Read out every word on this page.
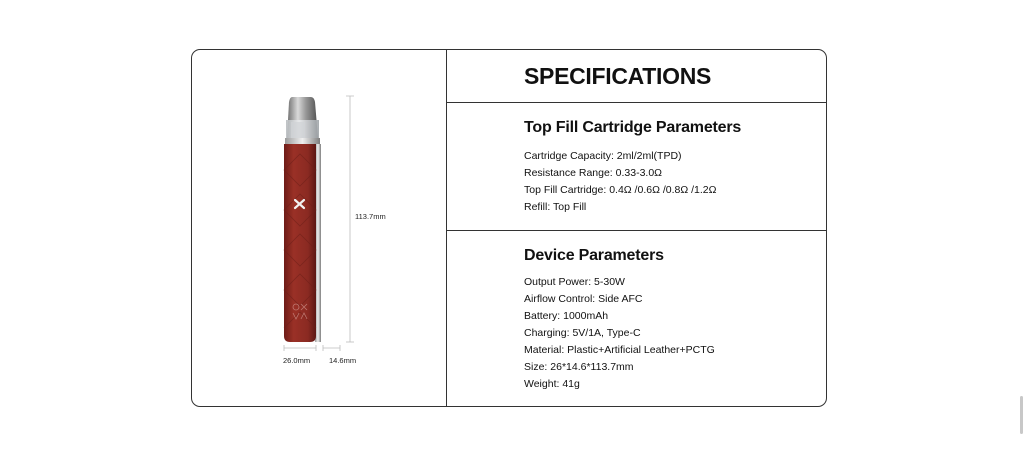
113.7mm
26.0mm	14.6mm
SPECIFICATIONS
Top Fill Cartridge Parameters
Cartridge Capacity: 2ml/2ml(TPD)
Resistance Range: 0.33-3.0Ω
Top Fill Cartridge: 0.4Ω /0.6Ω /0.8Ω /1.2Ω
Refill: Top Fill
Device Parameters
Output Power: 5-30W
Airflow Control: Side AFC
Battery: 1000mAh
Charging: 5V/1A, Type-C
Material: Plastic+Artificial Leather+PCTG
Size: 26*14.6*113.7mm
Weight: 41g
